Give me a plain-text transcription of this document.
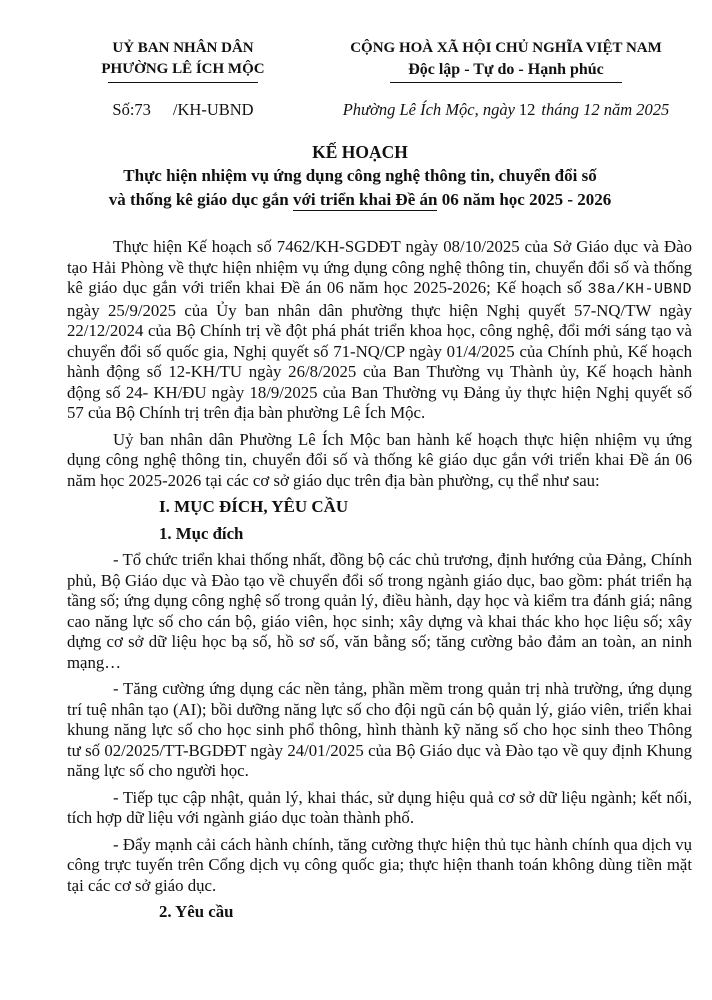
UỶ BAN NHÂN DÂN
PHƯỜNG LÊ ÍCH MỘC
CỘNG HOÀ XÃ HỘI CHỦ NGHĨA VIỆT NAM
Độc lập - Tự do - Hạnh phúc
Số:73 /KH-UBND	Phường Lê Ích Mộc, ngày 12 tháng 12 năm 2025
KẾ HOẠCH
Thực hiện nhiệm vụ ứng dụng công nghệ thông tin, chuyển đổi số
và thống kê giáo dục gắn với triển khai Đề án 06 năm học 2025 - 2026

Thực hiện Kế hoạch số 7462/KH-SGDĐT ngày 08/10/2025 của Sở Giáo dục và Đào tạo Hải Phòng về thực hiện nhiệm vụ ứng dụng công nghệ thông tin, chuyển đổi số và thống kê giáo dục gắn với triển khai Đề án 06 năm học 2025-2026; Kế hoạch số 38a/KH-UBND ngày 25/9/2025 của Ủy ban nhân dân phường thực hiện Nghị quyết 57-NQ/TW ngày 22/12/2024 của Bộ Chính trị về đột phá phát triển khoa học, công nghệ, đổi mới sáng tạo và chuyển đổi số quốc gia, Nghị quyết số 71-NQ/CP ngày 01/4/2025 của Chính phủ, Kế hoạch hành động số 12-KH/TU ngày 26/8/2025 của Ban Thường vụ Thành ủy, Kế hoạch hành động số 24- KH/ĐU ngày 18/9/2025 của Ban Thường vụ Đảng ủy thực hiện Nghị quyết số 57 của Bộ Chính trị trên địa bàn phường Lê Ích Mộc.

Uỷ ban nhân dân Phường Lê Ích Mộc ban hành kế hoạch thực hiện nhiệm vụ ứng dụng công nghệ thông tin, chuyển đổi số và thống kê giáo dục gắn với triển khai Đề án 06 năm học 2025-2026 tại các cơ sở giáo dục trên địa bàn phường, cụ thể như sau:

I. MỤC ĐÍCH, YÊU CẦU

1. Mục đích

- Tổ chức triển khai thống nhất, đồng bộ các chủ trương, định hướng của Đảng, Chính phủ, Bộ Giáo dục và Đào tạo về chuyển đổi số trong ngành giáo dục, bao gồm: phát triển hạ tầng số; ứng dụng công nghệ số trong quản lý, điều hành, dạy học và kiểm tra đánh giá; nâng cao năng lực số cho cán bộ, giáo viên, học sinh; xây dựng và khai thác kho học liệu số; xây dựng cơ sở dữ liệu học bạ số, hồ sơ số, văn bằng số; tăng cường bảo đảm an toàn, an ninh mạng…

- Tăng cường ứng dụng các nền tảng, phần mềm trong quản trị nhà trường, ứng dụng trí tuệ nhân tạo (AI); bồi dưỡng năng lực số cho đội ngũ cán bộ quản lý, giáo viên, triển khai khung năng lực số cho học sinh phổ thông, hình thành kỹ năng số cho học sinh theo Thông tư số 02/2025/TT-BGDĐT ngày 24/01/2025 của Bộ Giáo dục và Đào tạo về quy định Khung năng lực số cho người học.

- Tiếp tục cập nhật, quản lý, khai thác, sử dụng hiệu quả cơ sở dữ liệu ngành; kết nối, tích hợp dữ liệu với ngành giáo dục toàn thành phố.

- Đẩy mạnh cải cách hành chính, tăng cường thực hiện thủ tục hành chính qua dịch vụ công trực tuyến trên Cổng dịch vụ công quốc gia; thực hiện thanh toán không dùng tiền mặt tại các cơ sở giáo dục.

2. Yêu cầu
